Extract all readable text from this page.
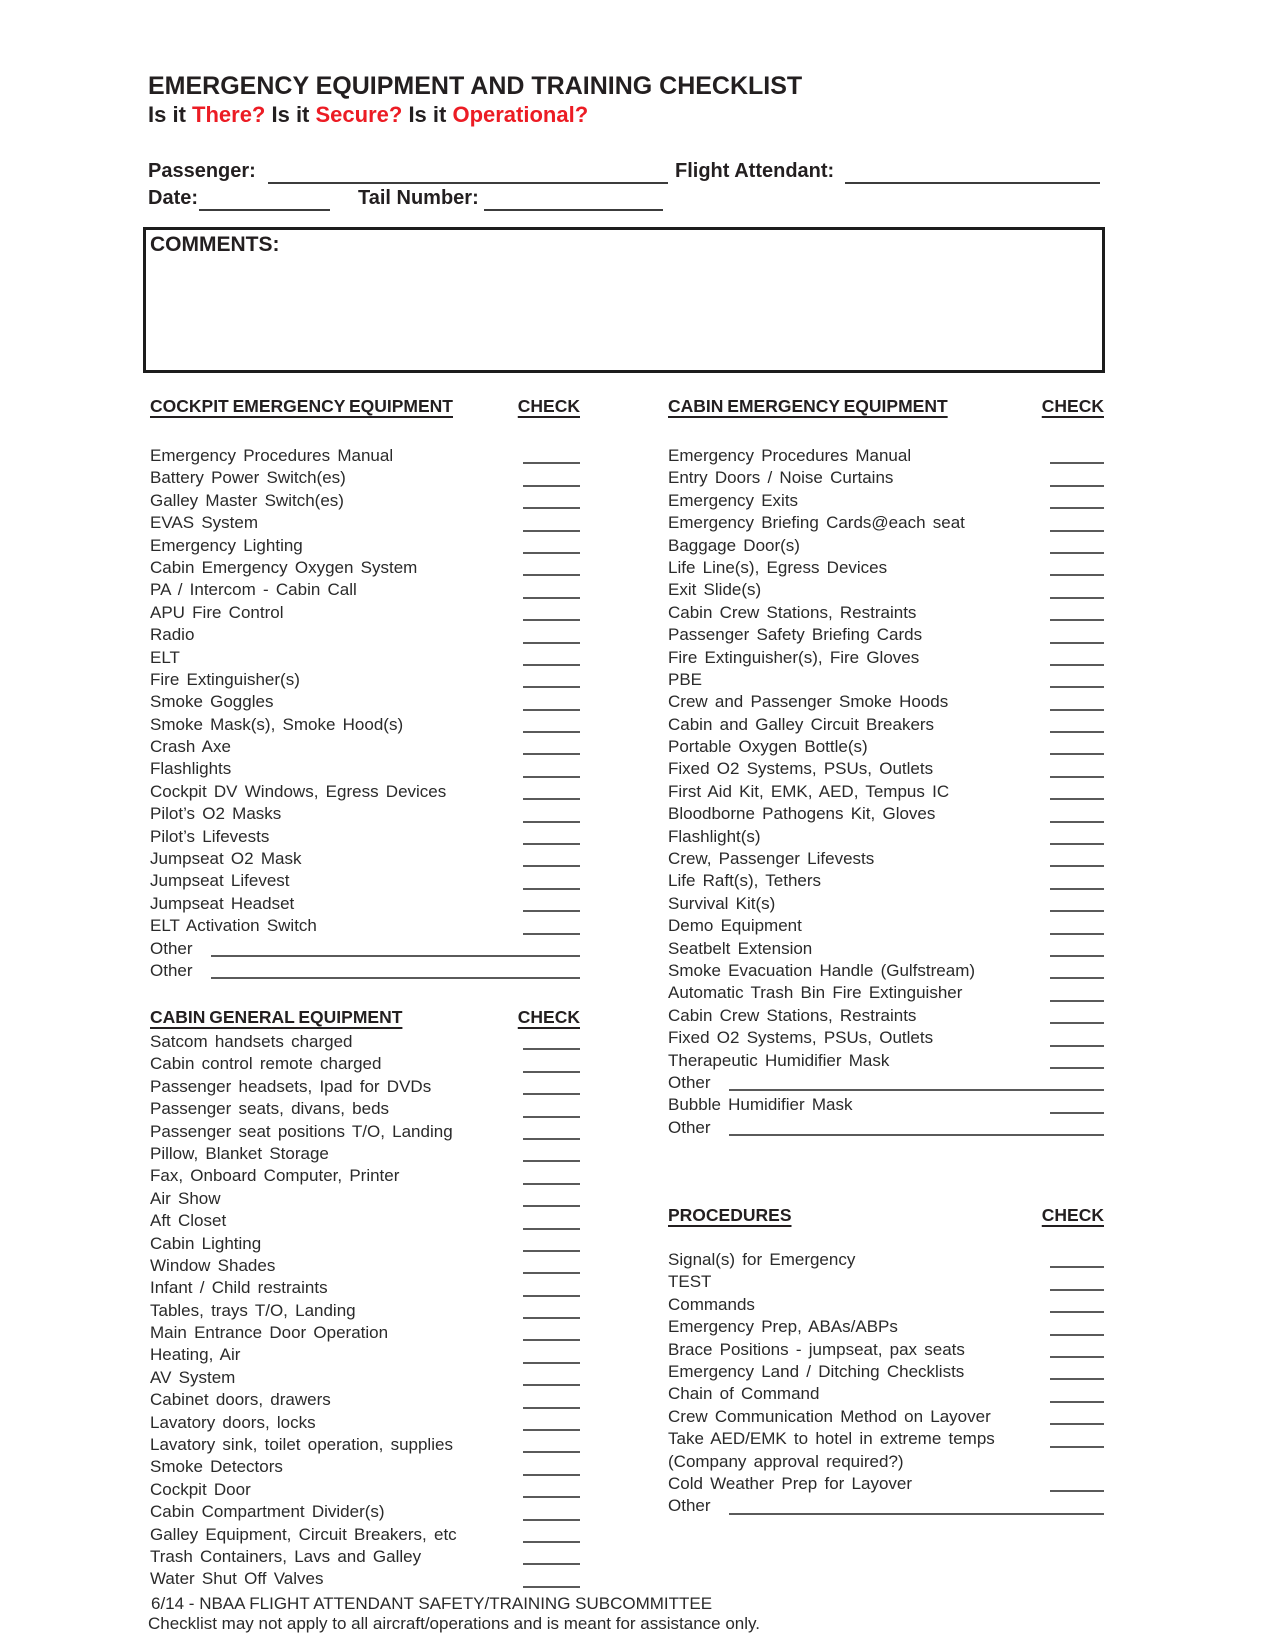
EMERGENCY EQUIPMENT AND TRAINING CHECKLIST
Is it There? Is it Secure? Is it Operational?
Passenger:	Flight Attendant:
Date:	Tail Number:
COMMENTS:
COCKPIT EMERGENCY EQUIPMENT	CHECK
Emergency Procedures Manual
Battery Power Switch(es)
Galley Master Switch(es)
EVAS System
Emergency Lighting
Cabin Emergency Oxygen System
PA / Intercom - Cabin Call
APU Fire Control
Radio
ELT
Fire Extinguisher(s)
Smoke Goggles
Smoke Mask(s), Smoke Hood(s)
Crash Axe
Flashlights
Cockpit DV Windows, Egress Devices
Pilot’s O2 Masks
Pilot’s Lifevests
Jumpseat O2 Mask
Jumpseat Lifevest
Jumpseat Headset
ELT Activation Switch
Other
Other
CABIN GENERAL EQUIPMENT	CHECK
Satcom handsets charged
Cabin control remote charged
Passenger headsets, Ipad for DVDs
Passenger seats, divans, beds
Passenger seat positions T/O, Landing
Pillow, Blanket Storage
Fax, Onboard Computer, Printer
Air Show
Aft Closet
Cabin Lighting
Window Shades
Infant / Child restraints
Tables, trays T/O, Landing
Main Entrance Door Operation
Heating, Air
AV System
Cabinet doors, drawers
Lavatory doors, locks
Lavatory sink, toilet operation, supplies
Smoke Detectors
Cockpit Door
Cabin Compartment Divider(s)
Galley Equipment, Circuit Breakers, etc
Trash Containers, Lavs and Galley
Water Shut Off Valves
CABIN EMERGENCY EQUIPMENT	CHECK
Emergency Procedures Manual
Entry Doors / Noise Curtains
Emergency Exits
Emergency Briefing Cards@each seat
Baggage Door(s)
Life Line(s), Egress Devices
Exit Slide(s)
Cabin Crew Stations, Restraints
Passenger Safety Briefing Cards
Fire Extinguisher(s), Fire Gloves
PBE
Crew and Passenger Smoke Hoods
Cabin and Galley Circuit Breakers
Portable Oxygen Bottle(s)
Fixed O2 Systems, PSUs, Outlets
First Aid Kit, EMK, AED, Tempus IC
Bloodborne Pathogens Kit, Gloves
Flashlight(s)
Crew, Passenger Lifevests
Life Raft(s), Tethers
Survival Kit(s)
Demo Equipment
Seatbelt Extension
Smoke Evacuation Handle (Gulfstream)
Automatic Trash Bin Fire Extinguisher
Cabin Crew Stations, Restraints
Fixed O2 Systems, PSUs, Outlets
Therapeutic Humidifier Mask
Other
Bubble Humidifier Mask
Other
PROCEDURES	CHECK
Signal(s) for Emergency
TEST
Commands
Emergency Prep, ABAs/ABPs
Brace Positions - jumpseat, pax seats
Emergency Land / Ditching Checklists
Chain of Command
Crew Communication Method on Layover
Take AED/EMK to hotel in extreme temps
(Company approval required?)
Cold Weather Prep for Layover
Other
6/14 - NBAA FLIGHT ATTENDANT SAFETY/TRAINING SUBCOMMITTEE
Checklist may not apply to all aircraft/operations and is meant for assistance only.
